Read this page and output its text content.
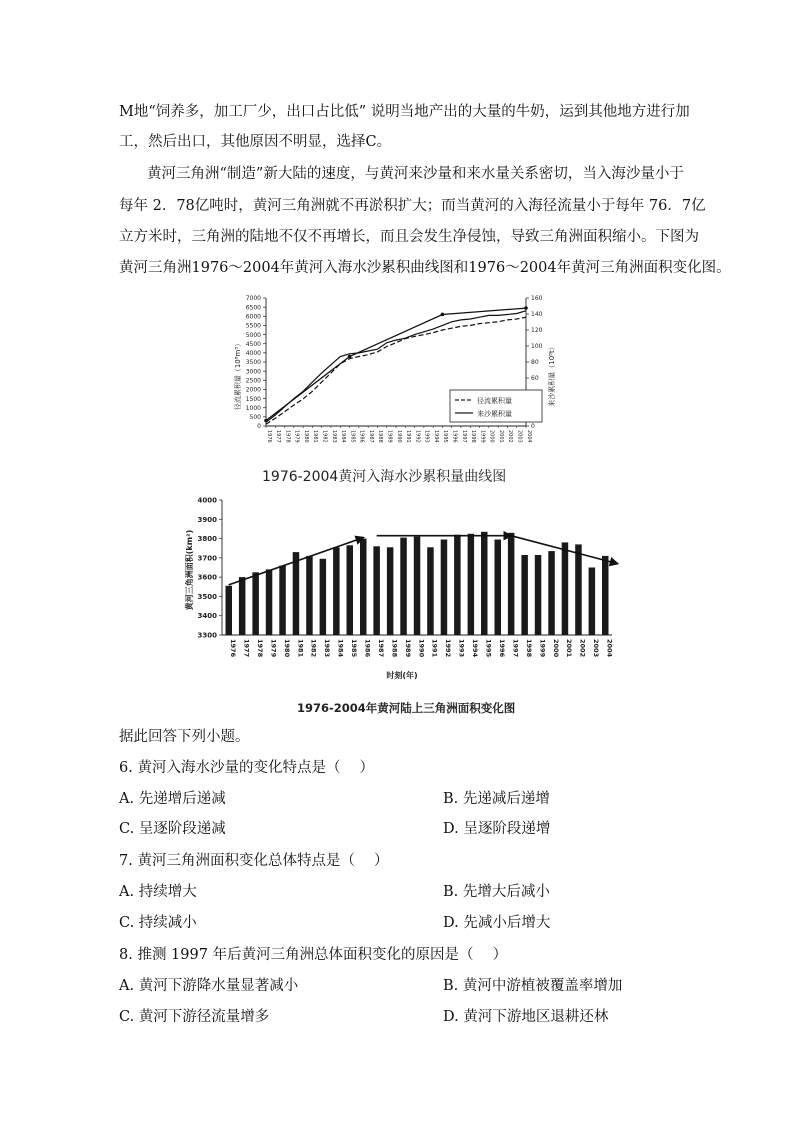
M地“饲养多，加工厂少，出口占比低” 说明当地产出的大量的牛奶，运到其他地方进行加
工，然后出口，其他原因不明显，选择C。
黄河三角洲“制造”新大陆的速度，与黄河来沙量和来水量关系密切，当入海沙量小于
每年 2．78亿吨时，黄河三角洲就不再淤积扩大；而当黄河的入海径流量小于每年 76．7亿
立方米时，三角洲的陆地不仅不再增长，而且会发生净侵蚀，导致三角洲面积缩小。下图为
黄河三角洲1976～2004年黄河入海水沙累积曲线图和1976～2004年黄河三角洲面积变化图。
0
500
1000
1500
2000
2500
3000
3500
4000
4500
5000
5500
6000
6500
7000
0
60
80
100
120
140
160
1976 1977 1978 1979 1980 1981 1982 1983 1984 1985 1986 1987 1988 1989 1990 1991 1992 1993 1994 1995 1996 1997 1998 1999 2000 2001 2002 2003 2004
径流累积量
来沙累积量
径流累积量（10⁸m³）	来沙累积量（10⁸t）
1976-2004黄河入海水沙累积量曲线图
3300
3400
3500
3600
3700
3800
3900
4000
1976 1977 1978 1979 1980 1981 1982 1983 1984 1985 1986 1987 1988 1989 1990 1991 1992 1993 1994 1995 1996 1997 1998 1999 2000 2001 2002 2003 2004
黄河三角洲面积(km²)
时刻(年)
1976-2004年黄河陆上三角洲面积变化图
据此回答下列小题。
6. 黄河入海水沙量的变化特点是（　 ）
A. 先递增后递减	B. 先递减后递增
C. 呈逐阶段递减	D. 呈逐阶段递增
7. 黄河三角洲面积变化总体特点是（　 ）
A. 持续增大	B. 先增大后减小
C. 持续减小	D. 先减小后增大
8. 推测 1997 年后黄河三角洲总体面积变化的原因是（　 ）
A. 黄河下游降水量显著减小	B. 黄河中游植被覆盖率增加
C. 黄河下游径流量增多	D. 黄河下游地区退耕还林
